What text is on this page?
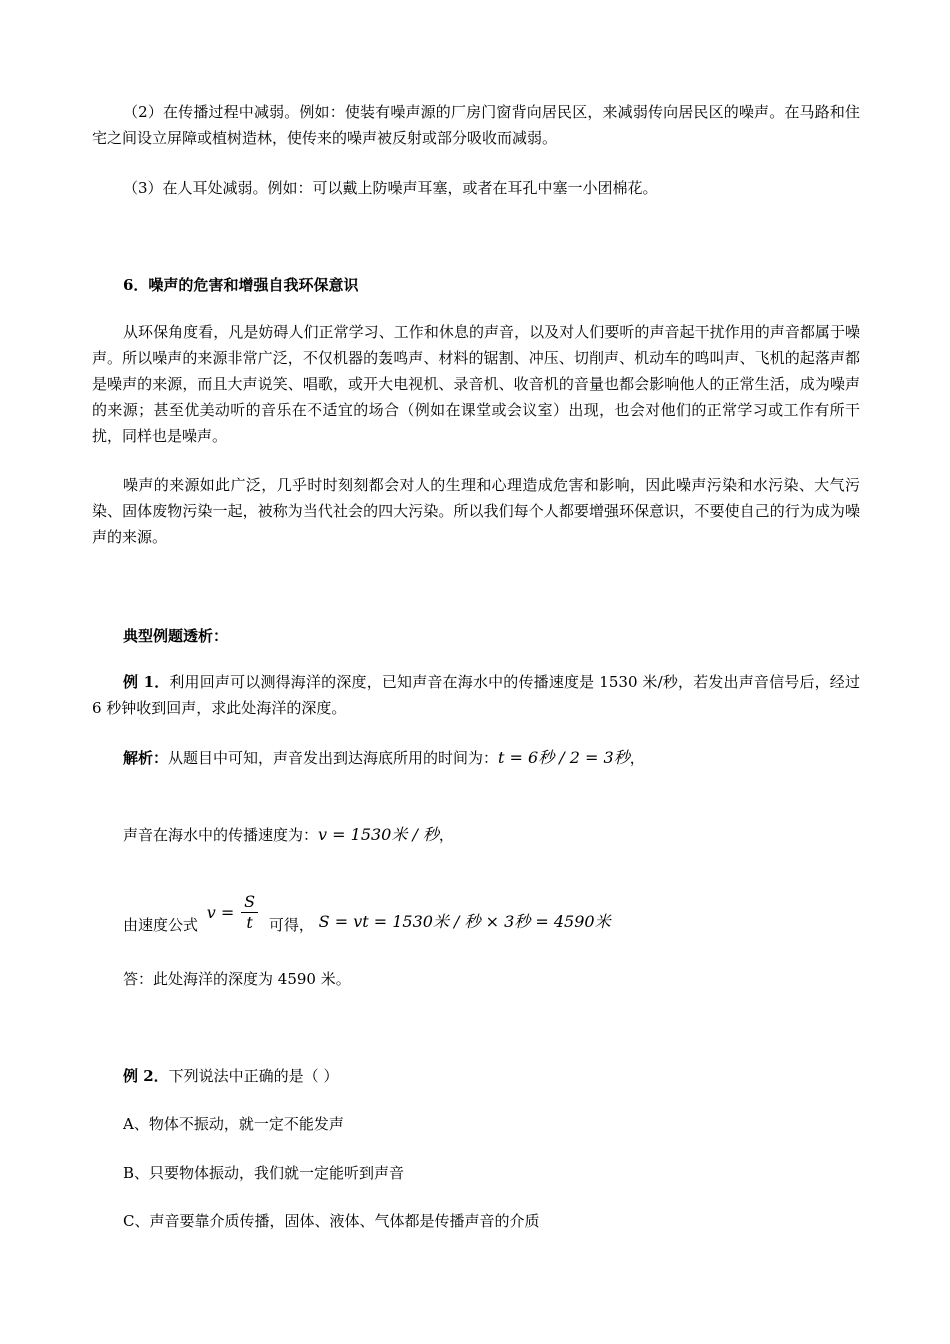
（2）在传播过程中减弱。例如：使装有噪声源的厂房门窗背向居民区，来减弱传向居民区的噪声。在马路和住宅之间设立屏障或植树造林，使传来的噪声被反射或部分吸收而减弱。

（3）在人耳处减弱。例如：可以戴上防噪声耳塞，或者在耳孔中塞一小团棉花。

6．噪声的危害和增强自我环保意识

从环保角度看，凡是妨碍人们正常学习、工作和休息的声音，以及对人们要听的声音起干扰作用的声音都属于噪声。所以噪声的来源非常广泛，不仅机器的轰鸣声、材料的锯割、冲压、切削声、机动车的鸣叫声、飞机的起落声都是噪声的来源，而且大声说笑、唱歌，或开大电视机、录音机、收音机的音量也都会影响他人的正常生活，成为噪声的来源；甚至优美动听的音乐在不适宜的场合（例如在课堂或会议室）出现，也会对他们的正常学习或工作有所干扰，同样也是噪声。

噪声的来源如此广泛，几乎时时刻刻都会对人的生理和心理造成危害和影响，因此噪声污染和水污染、大气污染、固体废物污染一起，被称为当代社会的四大污染。所以我们每个人都要增强环保意识，不要使自己的行为成为噪声的来源。

典型例题透析：

例 1．利用回声可以测得海洋的深度，已知声音在海水中的传播速度是 1530 米/秒，若发出声音信号后，经过 6 秒钟收到回声，求此处海洋的深度。

解析：从题目中可知，声音发出到达海底所用的时间为：t = 6秒 / 2 = 3秒，

声音在海水中的传播速度为：v = 1530米 / 秒，

由速度公式 $v = \frac{S}{t}$ 可得， S = vt = 1530米 / 秒 × 3秒 = 4590米

答：此处海洋的深度为 4590 米。

例 2．下列说法中正确的是（ ）

A、物体不振动，就一定不能发声

B、只要物体振动，我们就一定能听到声音

C、声音要靠介质传播，固体、液体、气体都是传播声音的介质
